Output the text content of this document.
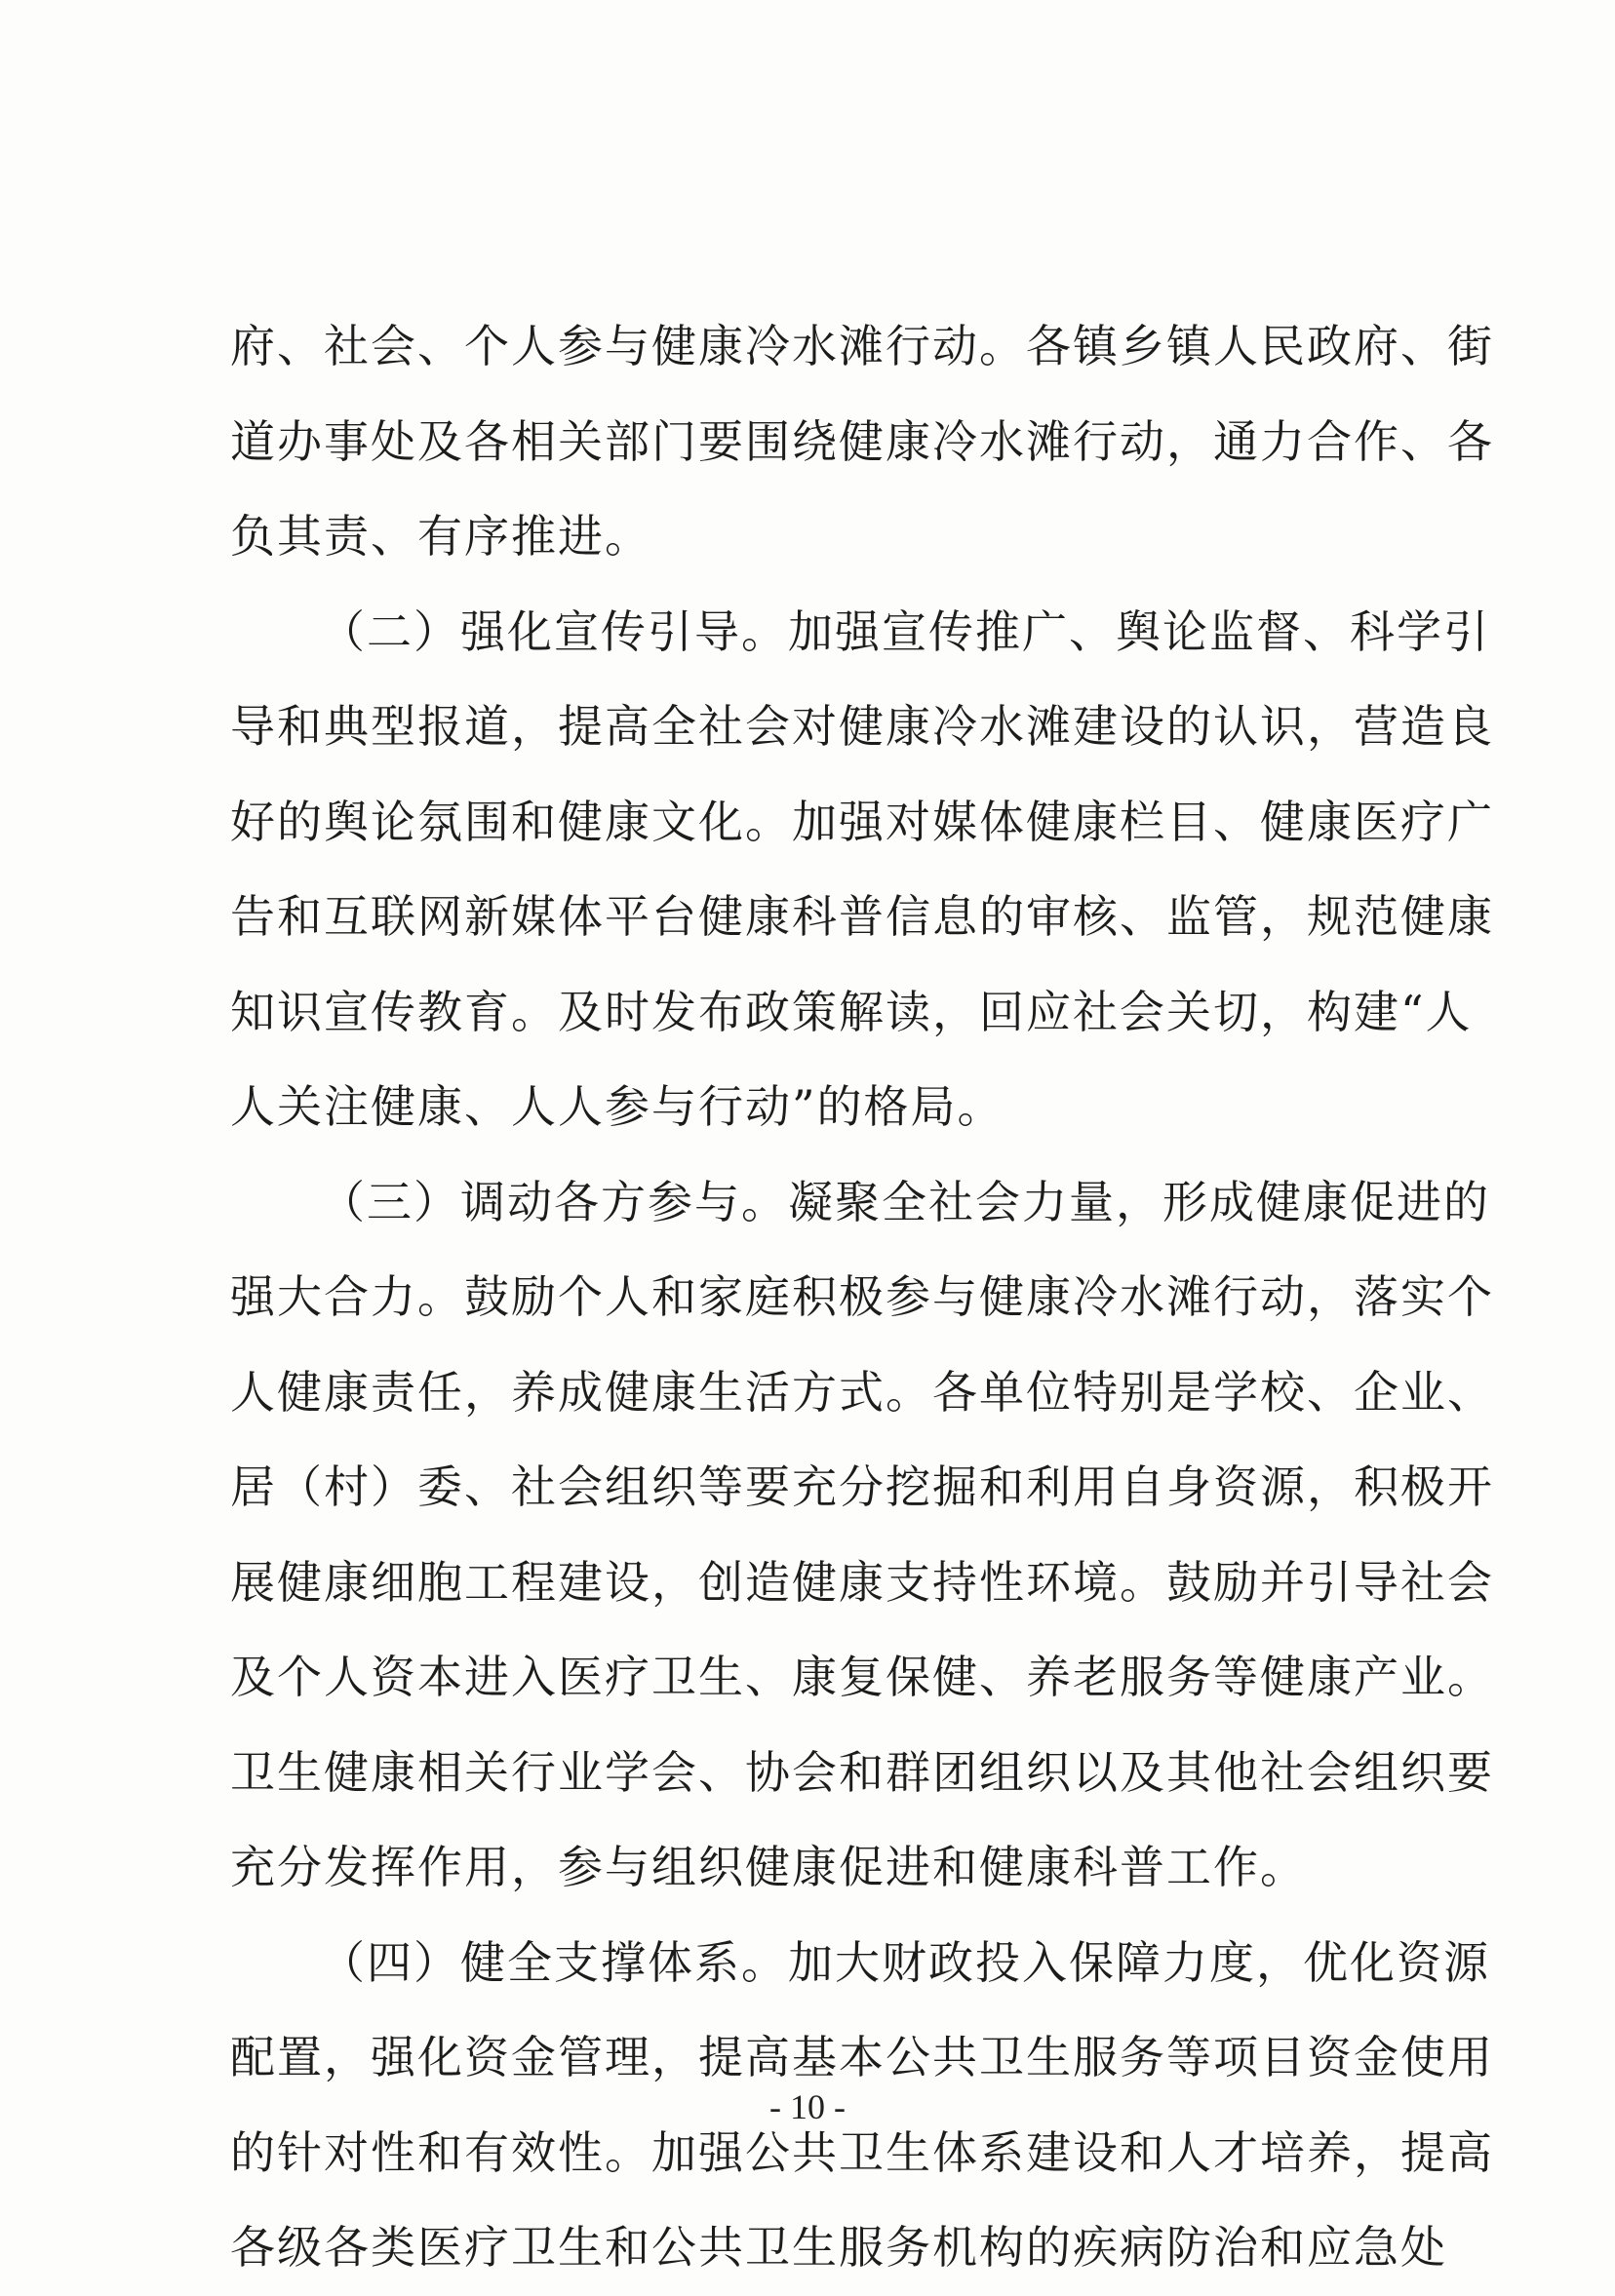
府、社会、个人参与健康冷水滩行动。各镇乡镇人民政府、街
道办事处及各相关部门要围绕健康冷水滩行动，通力合作、各
负其责、有序推进。
（二）强化宣传引导。加强宣传推广、舆论监督、科学引
导和典型报道，提高全社会对健康冷水滩建设的认识，营造良
好的舆论氛围和健康文化。加强对媒体健康栏目、健康医疗广
告和互联网新媒体平台健康科普信息的审核、监管，规范健康
知识宣传教育。及时发布政策解读，回应社会关切，构建“人
人关注健康、人人参与行动”的格局。
（三）调动各方参与。凝聚全社会力量，形成健康促进的
强大合力。鼓励个人和家庭积极参与健康冷水滩行动，落实个
人健康责任，养成健康生活方式。各单位特别是学校、企业、
居（村）委、社会组织等要充分挖掘和利用自身资源，积极开
展健康细胞工程建设，创造健康支持性环境。鼓励并引导社会
及个人资本进入医疗卫生、康复保健、养老服务等健康产业。
卫生健康相关行业学会、协会和群团组织以及其他社会组织要
充分发挥作用，参与组织健康促进和健康科普工作。
（四）健全支撑体系。加大财政投入保障力度，优化资源
配置，强化资金管理，提高基本公共卫生服务等项目资金使用
的针对性和有效性。加强公共卫生体系建设和人才培养，提高
各级各类医疗卫生和公共卫生服务机构的疾病防治和应急处
- 10 -
